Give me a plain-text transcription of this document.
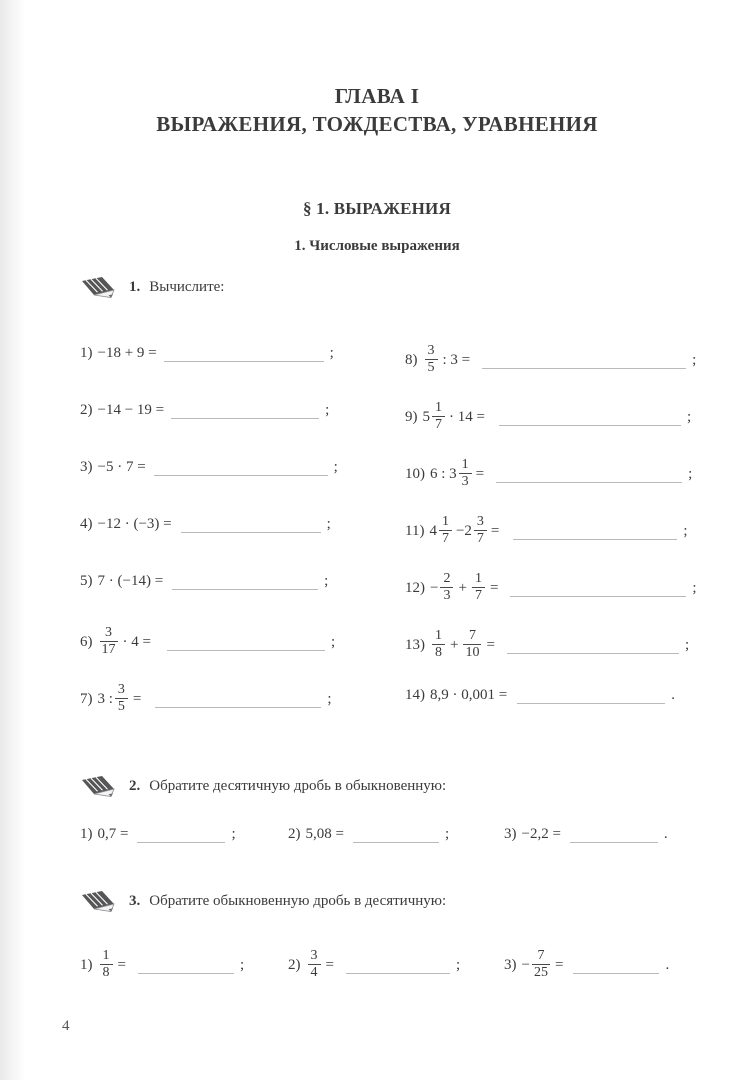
ГЛАВА I
ВЫРАЖЕНИЯ, ТОЖДЕСТВА, УРАВНЕНИЯ
§ 1. ВЫРАЖЕНИЯ
1. Числовые выражения
1. Вычислите:
1) −18 + 9 =	;
2) −14 − 19 =	;
3) −5 · 7 =	;
4) −12 · (−3) =	;
5) 7 · (−14) =	;
$6) \frac{3}{17} \cdot 4$ =	;
7) 3 : $\frac{3}{5}$ =	;
$8) \frac{3}{5}$ : 3 =	;
9) $5 \frac{1}{7} \cdot 14$ =	;
10) 6 : $3 \frac{1}{3}$ =	;
11) $4 \frac{1}{7} -2 \frac{3}{7}$ =	;
$12) - \frac{2}{3} + \frac{1}{7}$ =	;
$13) \frac{1}{8} + \frac{7}{10}$ =	;
14) 8,9 · 0,001 =	.
2. Обратите десятичную дробь в обыкновенную:
1) 0,7 =	;	2) 5,08 =	;	3) −2,2 =	.
3. Обратите обыкновенную дробь в десятичную:
$1) \frac{1}{8}$ =	;	$2) \frac{3}{4}$ =	;	$3) - \frac{7}{25}$ =	.
4
